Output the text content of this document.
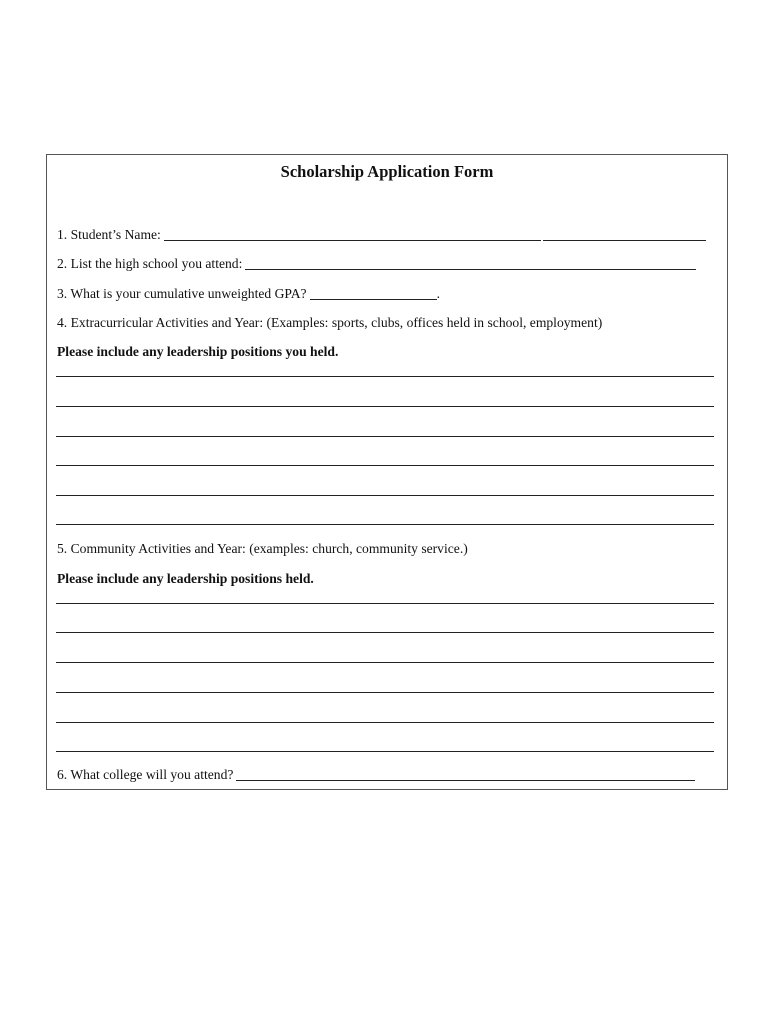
Scholarship Application Form
1. Student’s Name:
2. List the high school you attend:
3. What is your cumulative unweighted GPA?	.
4. Extracurricular Activities and Year: (Examples: sports, clubs, offices held in school, employment)
Please include any leadership positions you held.
5. Community Activities and Year: (examples: church, community service.)
Please include any leadership positions held.
6. What college will you attend?
